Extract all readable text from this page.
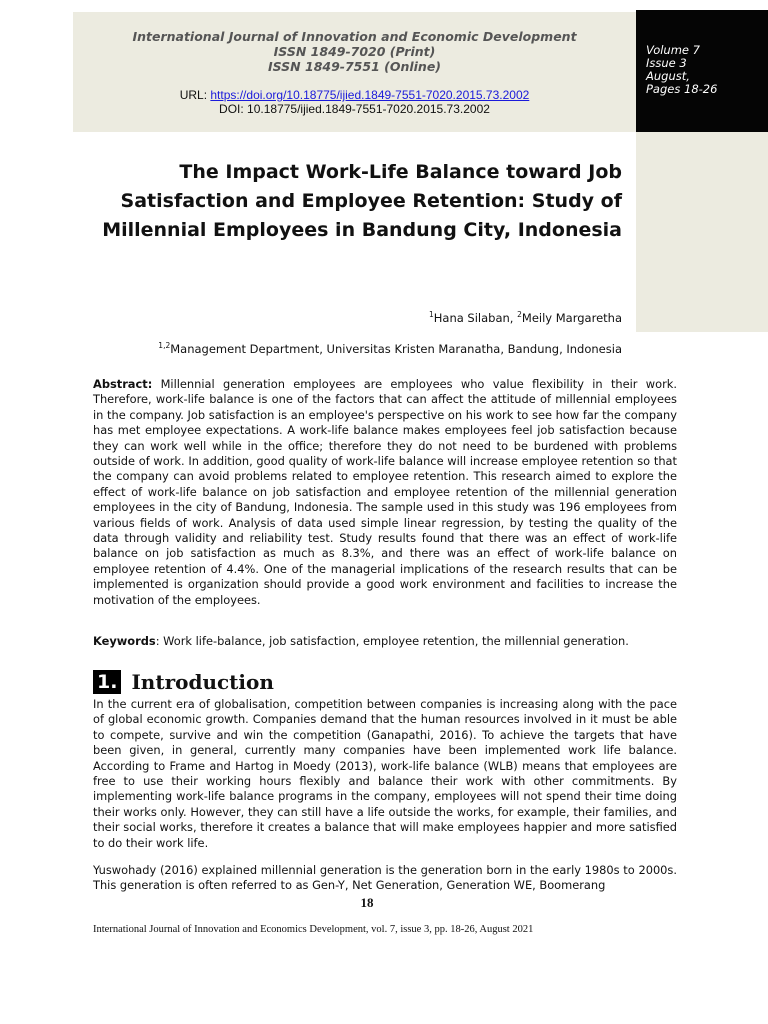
International Journal of Innovation and Economic Development
ISSN 1849-7020 (Print)
ISSN 1849-7551 (Online)
URL: https://doi.org/10.18775/ijied.1849-7551-7020.2015.73.2002
DOI: 10.18775/ijied.1849-7551-7020.2015.73.2002
Volume 7
Issue 3
August,
Pages 18-26
The Impact Work-Life Balance toward Job Satisfaction and Employee Retention: Study of Millennial Employees in Bandung City, Indonesia
$^1$Hana Silaban, $^2$Meily Margaretha
$^{1,2}$Management Department, Universitas Kristen Maranatha, Bandung, Indonesia

Abstract: Millennial generation employees are employees who value flexibility in their work. Therefore, work-life balance is one of the factors that can affect the attitude of millennial employees in the company. Job satisfaction is an employee's perspective on his work to see how far the company has met employee expectations. A work-life balance makes employees feel job satisfaction because they can work well while in the office; therefore they do not need to be burdened with problems outside of work. In addition, good quality of work-life balance will increase employee retention so that the company can avoid problems related to employee retention. This research aimed to explore the effect of work-life balance on job satisfaction and employee retention of the millennial generation employees in the city of Bandung, Indonesia. The sample used in this study was 196 employees from various fields of work. Analysis of data used simple linear regression, by testing the quality of the data through validity and reliability test. Study results found that there was an effect of work-life balance on job satisfaction as much as 8.3%, and there was an effect of work-life balance on employee retention of 4.4%. One of the managerial implications of the research results that can be implemented is organization should provide a good work environment and facilities to increase the motivation of the employees.

Keywords: Work life-balance, job satisfaction, employee retention, the millennial generation.

1. Introduction

In the current era of globalisation, competition between companies is increasing along with the pace of global economic growth. Companies demand that the human resources involved in it must be able to compete, survive and win the competition (Ganapathi, 2016). To achieve the targets that have been given, in general, currently many companies have been implemented work life balance. According to Frame and Hartog in Moedy (2013), work-life balance (WLB) means that employees are free to use their working hours flexibly and balance their work with other commitments. By implementing work-life balance programs in the company, employees will not spend their time doing their works only. However, they can still have a life outside the works, for example, their families, and their social works, therefore it creates a balance that will make employees happier and more satisfied to do their work life.

Yuswohady (2016) explained millennial generation is the generation born in the early 1980s to 2000s. This generation is often referred to as Gen-Y, Net Generation, Generation WE, Boomerang

18
International Journal of Innovation and Economics Development, vol. 7, issue 3, pp. 18-26, August 2021
